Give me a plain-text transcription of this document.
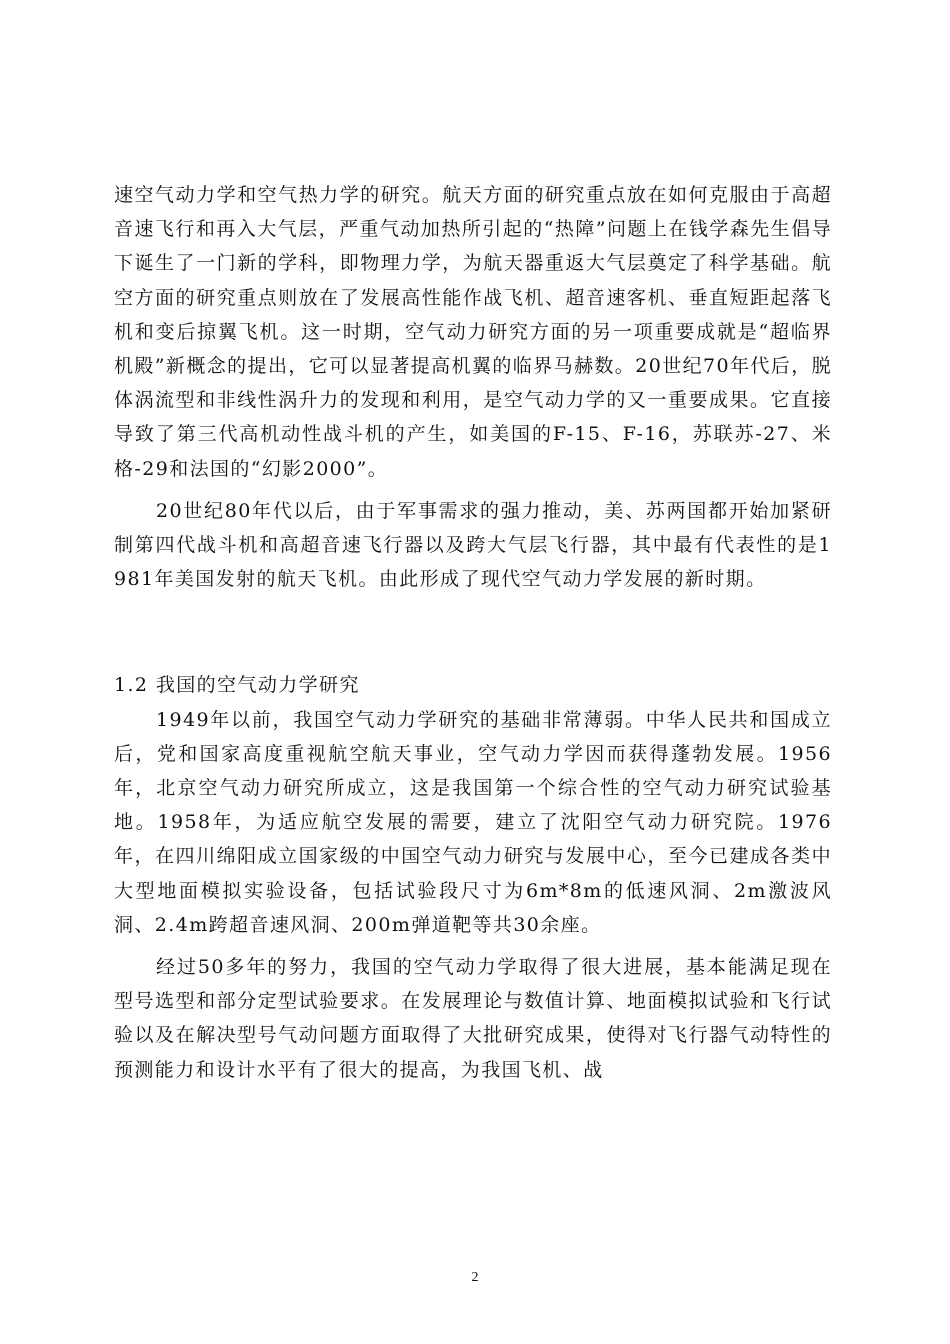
速空气动力学和空气热力学的研究。航天方面的研究重点放在如何克服由于高超音速飞行和再入大气层，严重气动加热所引起的“热障”问题上在钱学森先生倡导下诞生了一门新的学科，即物理力学，为航天器重返大气层奠定了科学基础。航空方面的研究重点则放在了发展高性能作战飞机、超音速客机、垂直短距起落飞机和变后掠翼飞机。这一时期，空气动力研究方面的另一项重要成就是“超临界机殿”新概念的提出，它可以显著提高机翼的临界马赫数。20世纪70年代后，脱体涡流型和非线性涡升力的发现和利用，是空气动力学的又一重要成果。它直接导致了第三代高机动性战斗机的产生，如美国的F-15、F-16，苏联苏-27、米格-29和法国的“幻影2000”。

20世纪80年代以后，由于军事需求的强力推动，美、苏两国都开始加紧研制第四代战斗机和高超音速飞行器以及跨大气层飞行器，其中最有代表性的是1981年美国发射的航天飞机。由此形成了现代空气动力学发展的新时期。

1.2 我国的空气动力学研究

1949年以前，我国空气动力学研究的基础非常薄弱。中华人民共和国成立后，党和国家高度重视航空航天事业，空气动力学因而获得蓬勃发展。1956年，北京空气动力研究所成立，这是我国第一个综合性的空气动力研究试验基地。1958年，为适应航空发展的需要，建立了沈阳空气动力研究院。1976年，在四川绵阳成立国家级的中国空气动力研究与发展中心，至今已建成各类中大型地面模拟实验设备，包括试验段尺寸为6m*8m的低速风洞、2m激波风洞、2.4m跨超音速风洞、200m弹道靶等共30余座。

经过50多年的努力，我国的空气动力学取得了很大进展，基本能满足现在型号选型和部分定型试验要求。在发展理论与数值计算、地面模拟试验和飞行试验以及在解决型号气动问题方面取得了大批研究成果，使得对飞行器气动特性的预测能力和设计水平有了很大的提高，为我国飞机、战

2
